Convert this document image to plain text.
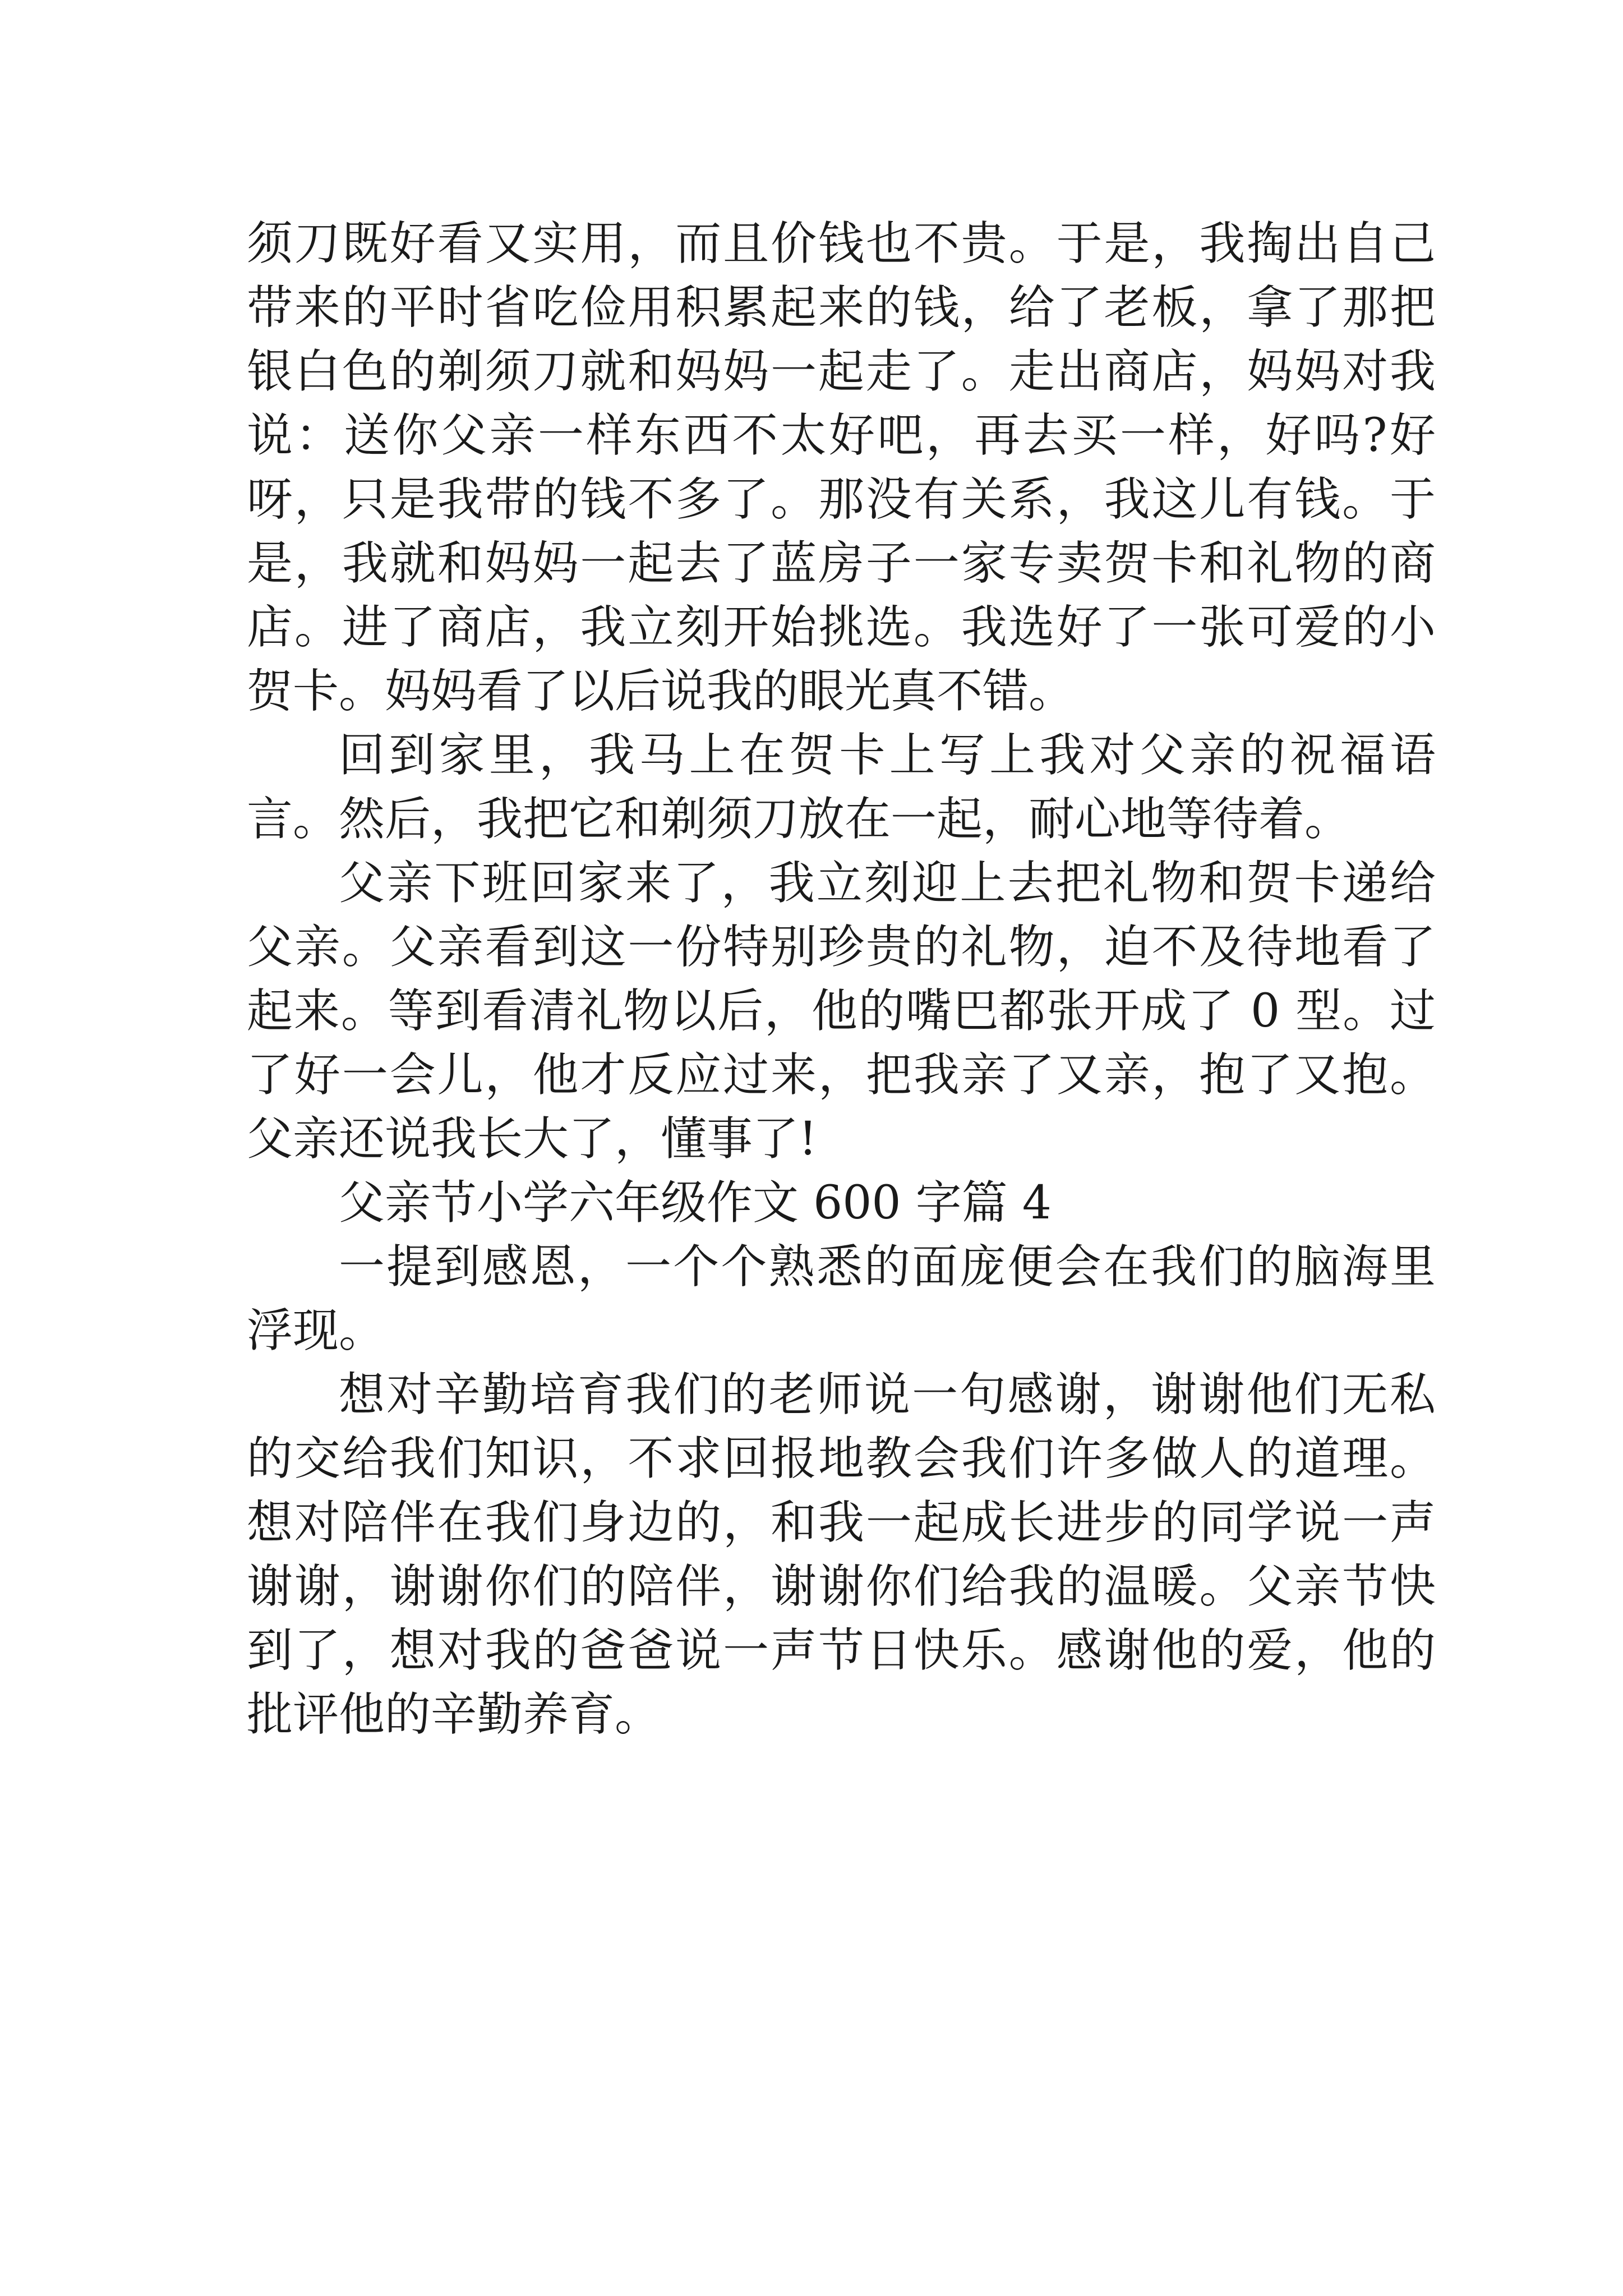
须刀既好看又实用，而且价钱也不贵。于是，我掏出自己带来的平时省吃俭用积累起来的钱，给了老板，拿了那把银白色的剃须刀就和妈妈一起走了。走出商店，妈妈对我说：送你父亲一样东西不太好吧，再去买一样，好吗?好呀，只是我带的钱不多了。那没有关系，我这儿有钱。于是，我就和妈妈一起去了蓝房子一家专卖贺卡和礼物的商店。进了商店，我立刻开始挑选。我选好了一张可爱的小贺卡。妈妈看了以后说我的眼光真不错。

回到家里，我马上在贺卡上写上我对父亲的祝福语言。然后，我把它和剃须刀放在一起，耐心地等待着。

父亲下班回家来了，我立刻迎上去把礼物和贺卡递给父亲。父亲看到这一份特别珍贵的礼物，迫不及待地看了起来。等到看清礼物以后，他的嘴巴都张开成了 0 型。过了好一会儿，他才反应过来，把我亲了又亲，抱了又抱。父亲还说我长大了，懂事了!

父亲节小学六年级作文 600 字篇 4

一提到感恩，一个个熟悉的面庞便会在我们的脑海里浮现。

想对辛勤培育我们的老师说一句感谢，谢谢他们无私的交给我们知识，不求回报地教会我们许多做人的道理。想对陪伴在我们身边的，和我一起成长进步的同学说一声谢谢，谢谢你们的陪伴，谢谢你们给我的温暖。父亲节快到了，想对我的爸爸说一声节日快乐。感谢他的爱，他的批评他的辛勤养育。
